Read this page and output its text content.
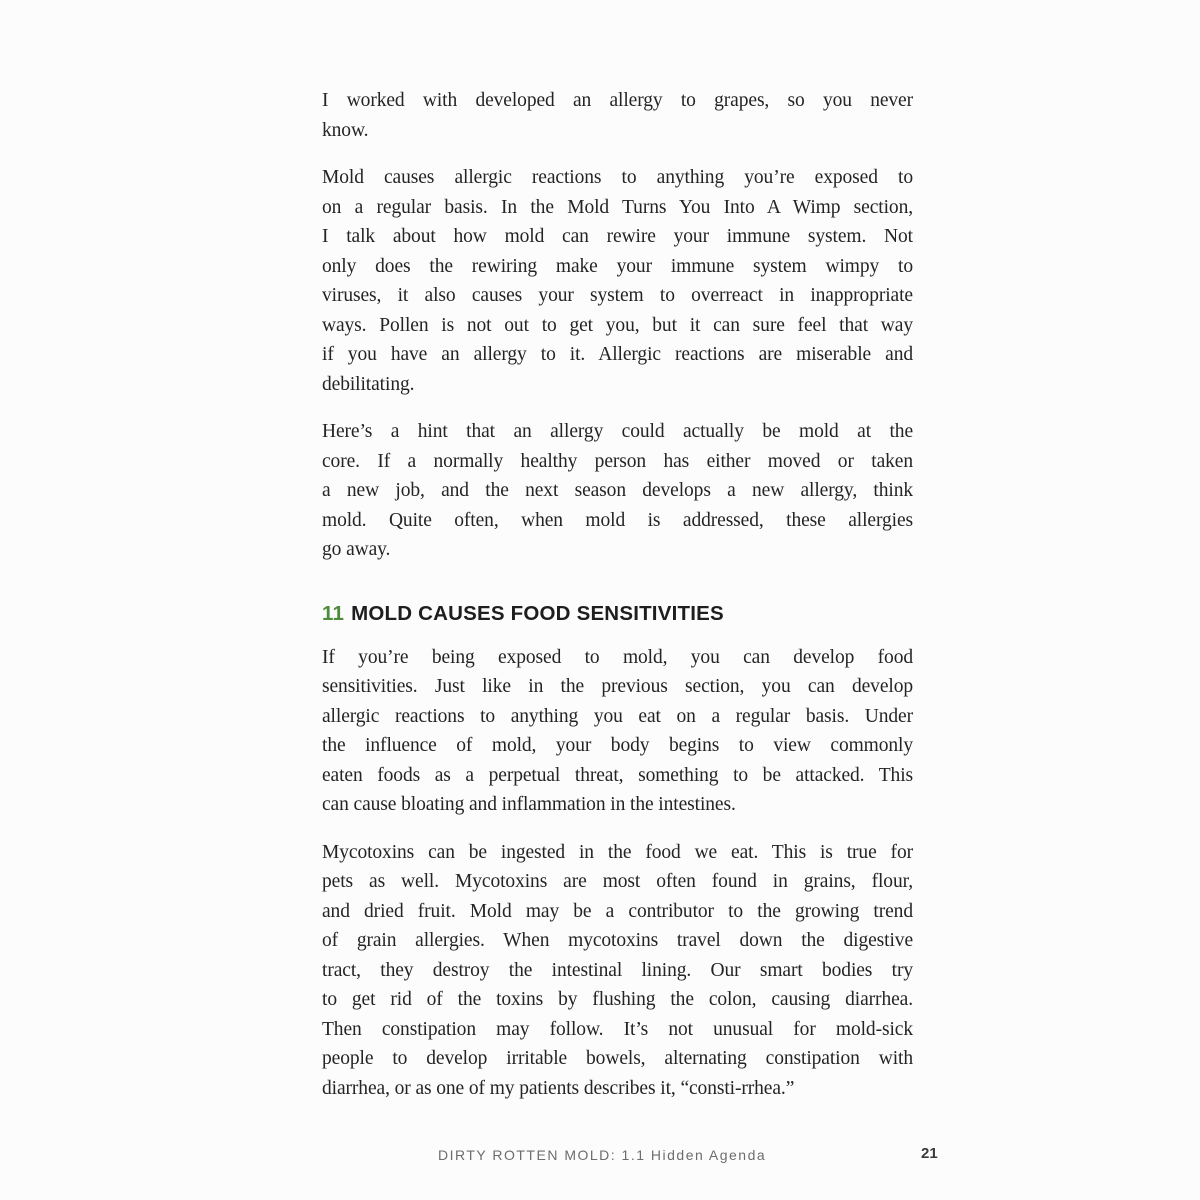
I worked with developed an allergy to grapes, so you never
know.
Mold causes allergic reactions to anything you’re exposed to
on a regular basis. In the Mold Turns You Into A Wimp section,
I talk about how mold can rewire your immune system. Not
only does the rewiring make your immune system wimpy to
viruses, it also causes your system to overreact in inappropriate
ways. Pollen is not out to get you, but it can sure feel that way
if you have an allergy to it. Allergic reactions are miserable and
debilitating.
Here’s a hint that an allergy could actually be mold at the
core. If a normally healthy person has either moved or taken
a new job, and the next season develops a new allergy, think
mold. Quite often, when mold is addressed, these allergies
go away.
11 MOLD CAUSES FOOD SENSITIVITIES
If you’re being exposed to mold, you can develop food
sensitivities. Just like in the previous section, you can develop
allergic reactions to anything you eat on a regular basis. Under
the influence of mold, your body begins to view commonly
eaten foods as a perpetual threat, something to be attacked. This
can cause bloating and inflammation in the intestines.
Mycotoxins can be ingested in the food we eat. This is true for
pets as well. Mycotoxins are most often found in grains, flour,
and dried fruit. Mold may be a contributor to the growing trend
of grain allergies. When mycotoxins travel down the digestive
tract, they destroy the intestinal lining. Our smart bodies try
to get rid of the toxins by flushing the colon, causing diarrhea.
Then constipation may follow. It’s not unusual for mold-sick
people to develop irritable bowels, alternating constipation with
diarrhea, or as one of my patients describes it, “consti-rrhea.”
DIRTY ROTTEN MOLD: 1.1 Hidden Agenda	21
